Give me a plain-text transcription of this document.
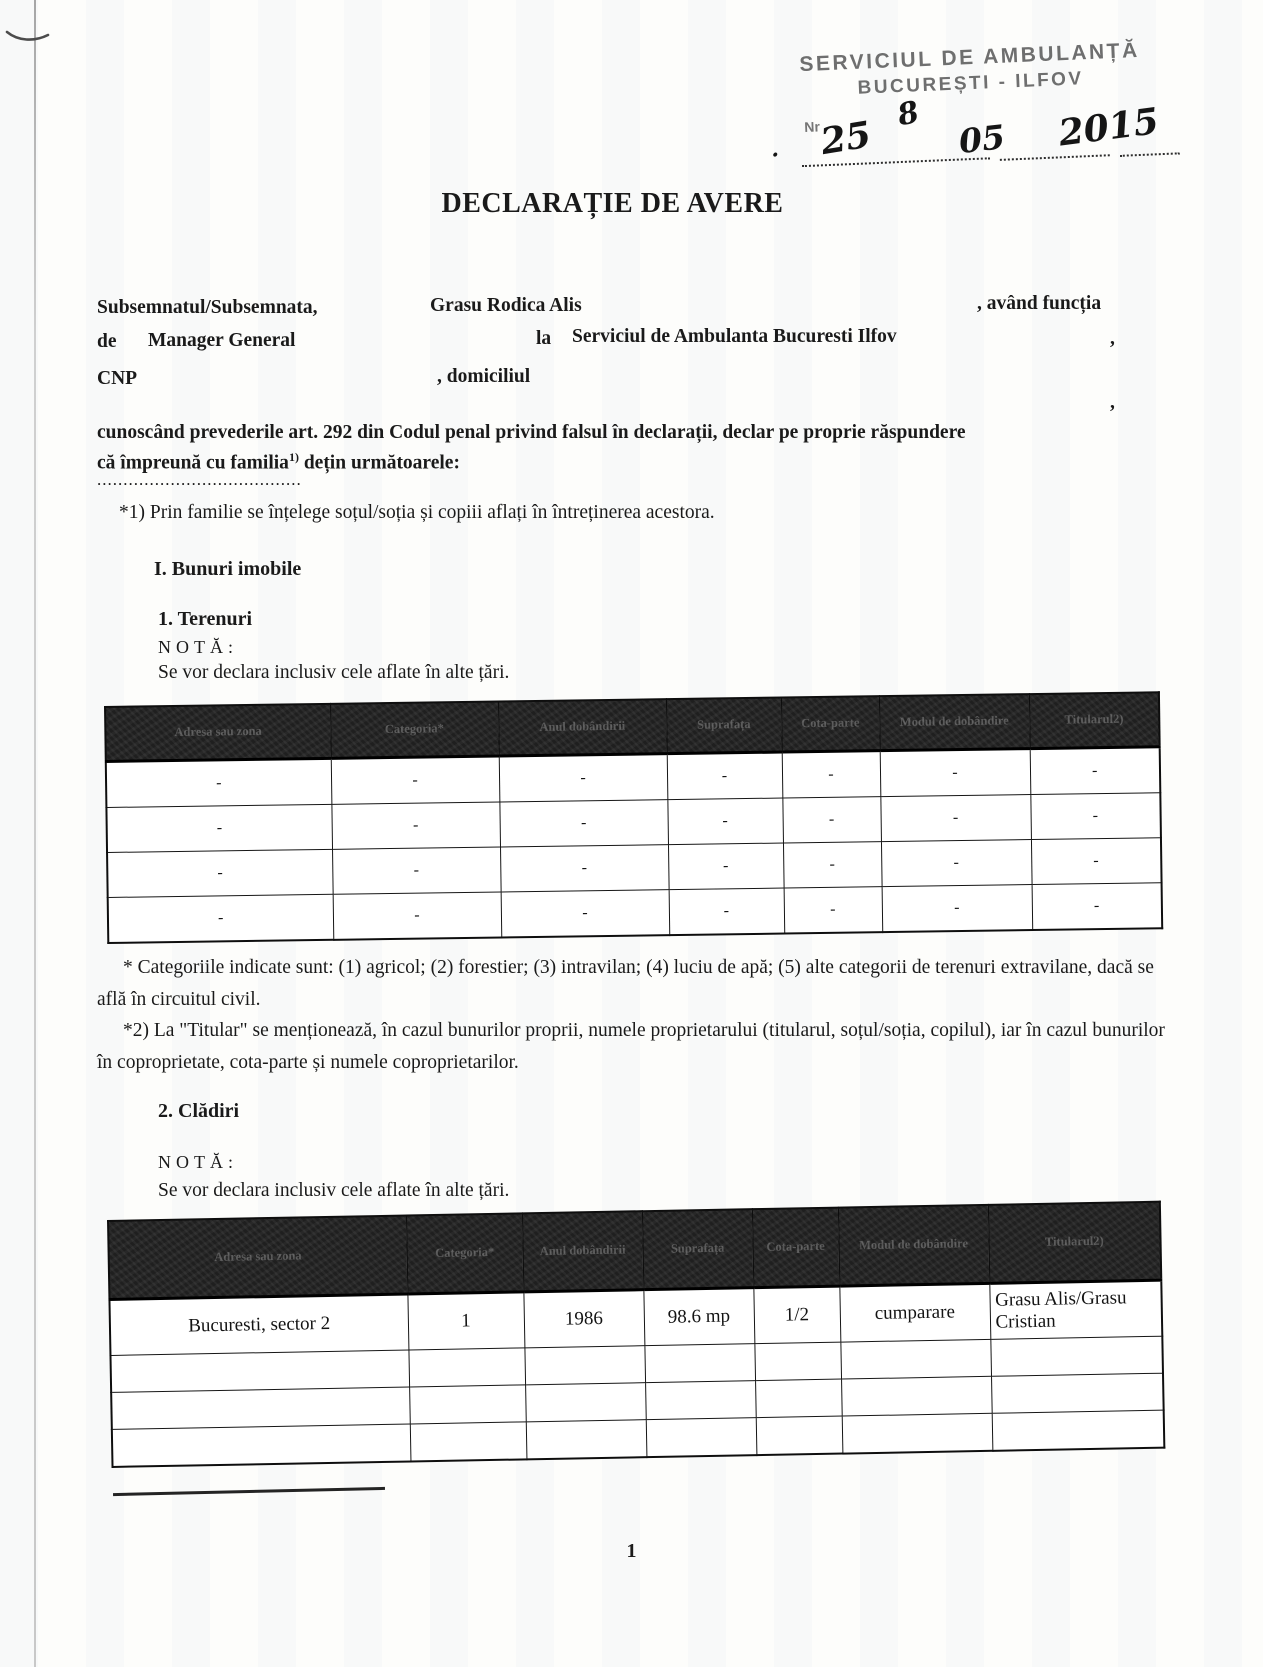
SERVICIUL DE AMBULANȚĂ
BUCUREȘTI - ILFOV
Nr
· 25 8
05 2015
DECLARAȚIE DE AVERE
Subsemnatul/Subsemnata,	Grasu Rodica Alis	, având funcția
de Manager General	la Serviciul de Ambulanta Bucuresti Ilfov	,
CNP	, domiciliul
,
cunoscând prevederile art. 292 din Codul penal privind falsul în declarații, declar pe proprie răspundere
că împreună cu familia$^{1)}$ dețin următoarele:
.......................................
*1) Prin familie se înțelege soțul/soția și copiii aflați în întreținerea acestora.
I. Bunuri imobile
1. Terenuri
NOTĂ:
Se vor declara inclusiv cele aflate în alte țări.
Adresa sau zona	Categoria*	Anul dobândirii	Suprafața	Cota-parte	Modul de dobândire	Titularul2)
-	-	-	-	-	-	-
-	-	-	-	-	-	-
-	-	-	-	-	-	-
-	-	-	-	-	-	-
* Categoriile indicate sunt: (1) agricol; (2) forestier; (3) intravilan; (4) luciu de apă; (5) alte categorii de terenuri extravilane, dacă se află în circuitul civil.
*2) La "Titular" se menționează, în cazul bunurilor proprii, numele proprietarului (titularul, soțul/soția, copilul), iar în cazul bunurilor în coproprietate, cota-parte și numele coproprietarilor.
2. Clădiri
NOTĂ:
Se vor declara inclusiv cele aflate în alte țări.
Adresa sau zona	Categoria*	Anul dobândirii	Suprafața	Cota-parte	Modul de dobândire	Titularul2)
Bucuresti, sector 2	1	1986	98.6 mp	1/2	cumparare	Grasu Alis/Grasu Cristian

1
